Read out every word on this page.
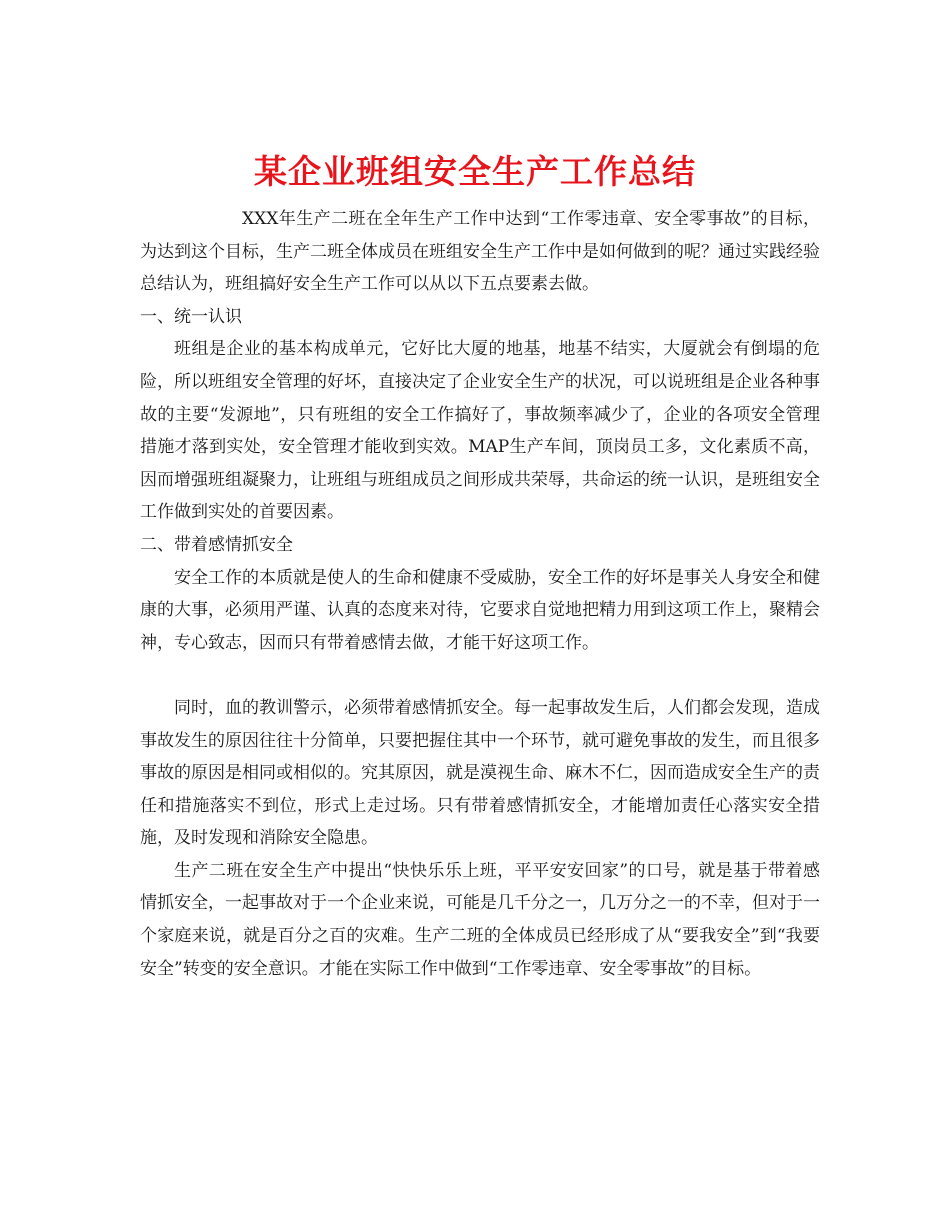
某企业班组安全生产工作总结

XXX年生产二班在全年生产工作中达到“工作零违章、安全零事故”的目标，为达到这个目标，生产二班全体成员在班组安全生产工作中是如何做到的呢？通过实践经验总结认为，班组搞好安全生产工作可以从以下五点要素去做。

一、统一认识

班组是企业的基本构成单元，它好比大厦的地基，地基不结实，大厦就会有倒塌的危险，所以班组安全管理的好坏，直接决定了企业安全生产的状况，可以说班组是企业各种事故的主要“发源地”，只有班组的安全工作搞好了，事故频率减少了，企业的各项安全管理措施才落到实处，安全管理才能收到实效。MAP生产车间，顶岗员工多，文化素质不高，因而增强班组凝聚力，让班组与班组成员之间形成共荣辱，共命运的统一认识，是班组安全工作做到实处的首要因素。

二、带着感情抓安全

安全工作的本质就是使人的生命和健康不受威胁，安全工作的好坏是事关人身安全和健康的大事，必须用严谨、认真的态度来对待，它要求自觉地把精力用到这项工作上，聚精会神，专心致志，因而只有带着感情去做，才能干好这项工作。

同时，血的教训警示，必须带着感情抓安全。每一起事故发生后，人们都会发现，造成事故发生的原因往往十分简单，只要把握住其中一个环节，就可避免事故的发生，而且很多事故的原因是相同或相似的。究其原因，就是漠视生命、麻木不仁，因而造成安全生产的责任和措施落实不到位，形式上走过场。只有带着感情抓安全，才能增加责任心落实安全措施，及时发现和消除安全隐患。

生产二班在安全生产中提出“快快乐乐上班，平平安安回家”的口号，就是基于带着感情抓安全，一起事故对于一个企业来说，可能是几千分之一，几万分之一的不幸，但对于一个家庭来说，就是百分之百的灾难。生产二班的全体成员已经形成了从“要我安全”到“我要安全”转变的安全意识。才能在实际工作中做到“工作零违章、安全零事故”的目标。
